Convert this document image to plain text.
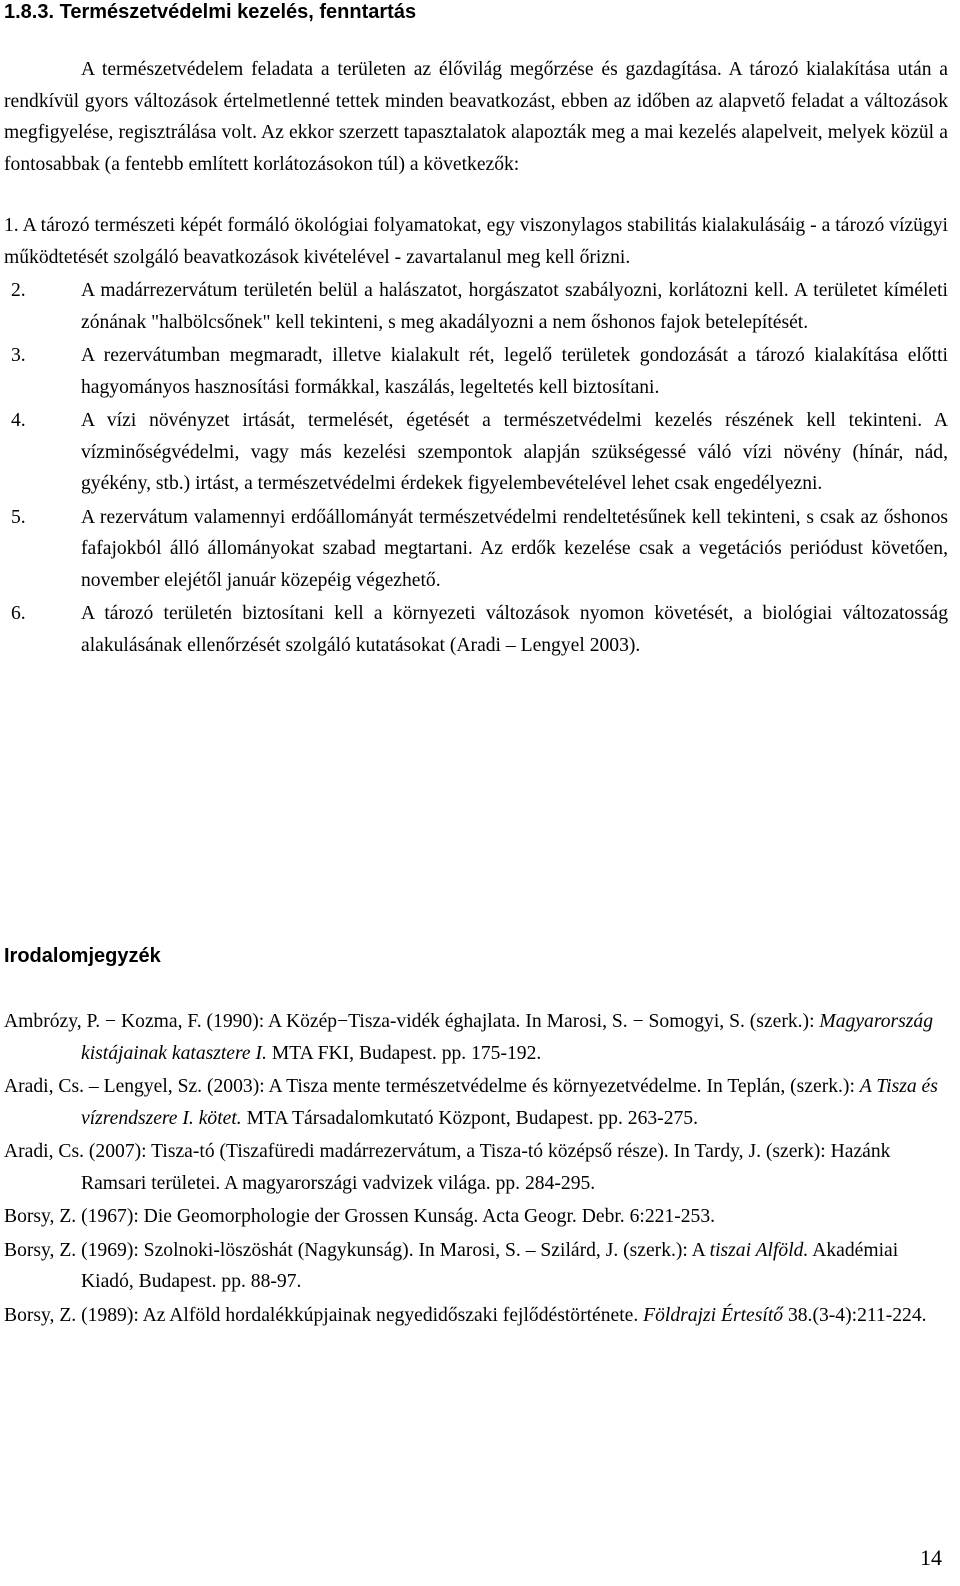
1.8.3. Természetvédelmi kezelés, fenntartás

A természetvédelem feladata a területen az élővilág megőrzése és gazdagítása. A tározó kialakítása után a rendkívül gyors változások értelmetlenné tettek minden beavatkozást, ebben az időben az alapvető feladat a változások megfigyelése, regisztrálása volt. Az ekkor szerzett tapasztalatok alapozták meg a mai kezelés alapelveit, melyek közül a fontosabbak (a fentebb említett korlátozásokon túl) a következők:

1. A tározó természeti képét formáló ökológiai folyamatokat, egy viszonylagos stabilitás kialakulásáig - a tározó vízügyi működtetését szolgáló beavatkozások kivételével - zavartalanul meg kell őrizni.
2.	A madárrezervátum területén belül a halászatot, horgászatot szabályozni, korlátozni kell. A területet kíméleti zónának "halbölcsőnek" kell tekinteni, s meg akadályozni a nem őshonos fajok betelepítését.
3.	A rezervátumban megmaradt, illetve kialakult rét, legelő területek gondozását a tározó kialakítása előtti hagyományos hasznosítási formákkal, kaszálás, legeltetés kell biztosítani.
4.	A vízi növényzet irtását, termelését, égetését a természetvédelmi kezelés részének kell tekinteni. A vízminőségvédelmi, vagy más kezelési szempontok alapján szükségessé váló vízi növény (hínár, nád, gyékény, stb.) irtást, a természetvédelmi érdekek figyelembevételével lehet csak engedélyezni.
5.	A rezervátum valamennyi erdőállományát természetvédelmi rendeltetésűnek kell tekinteni, s csak az őshonos fafajokból álló állományokat szabad megtartani. Az erdők kezelése csak a vegetációs periódust követően, november elejétől január közepéig végezhető.
6.	A tározó területén biztosítani kell a környezeti változások nyomon követését, a biológiai változatosság alakulásának ellenőrzését szolgáló kutatásokat (Aradi – Lengyel 2003).
Irodalomjegyzék
Ambrózy, P. − Kozma, F. (1990): A Közép−Tisza-vidék éghajlata. In Marosi, S. − Somogyi, S. (szerk.): Magyarország kistájainak katasztere I. MTA FKI, Budapest. pp. 175-192.
Aradi, Cs. – Lengyel, Sz. (2003): A Tisza mente természetvédelme és környezetvédelme. In Teplán, (szerk.): A Tisza és vízrendszere I. kötet. MTA Társadalomkutató Központ, Budapest. pp. 263-275.
Aradi, Cs. (2007): Tisza-tó (Tiszafüredi madárrezervátum, a Tisza-tó középső része). In Tardy, J. (szerk): Hazánk Ramsari területei. A magyarországi vadvizek világa. pp. 284-295.
Borsy, Z. (1967): Die Geomorphologie der Grossen Kunság. Acta Geogr. Debr. 6:221-253.
Borsy, Z. (1969): Szolnoki-löszöshát (Nagykunság). In Marosi, S. – Szilárd, J. (szerk.): A tiszai Alföld. Akadémiai Kiadó, Budapest. pp. 88-97.
Borsy, Z. (1989): Az Alföld hordalékkúpjainak negyedidőszaki fejlődéstörténete. Földrajzi Értesítő 38.(3-4):211-224.
14
